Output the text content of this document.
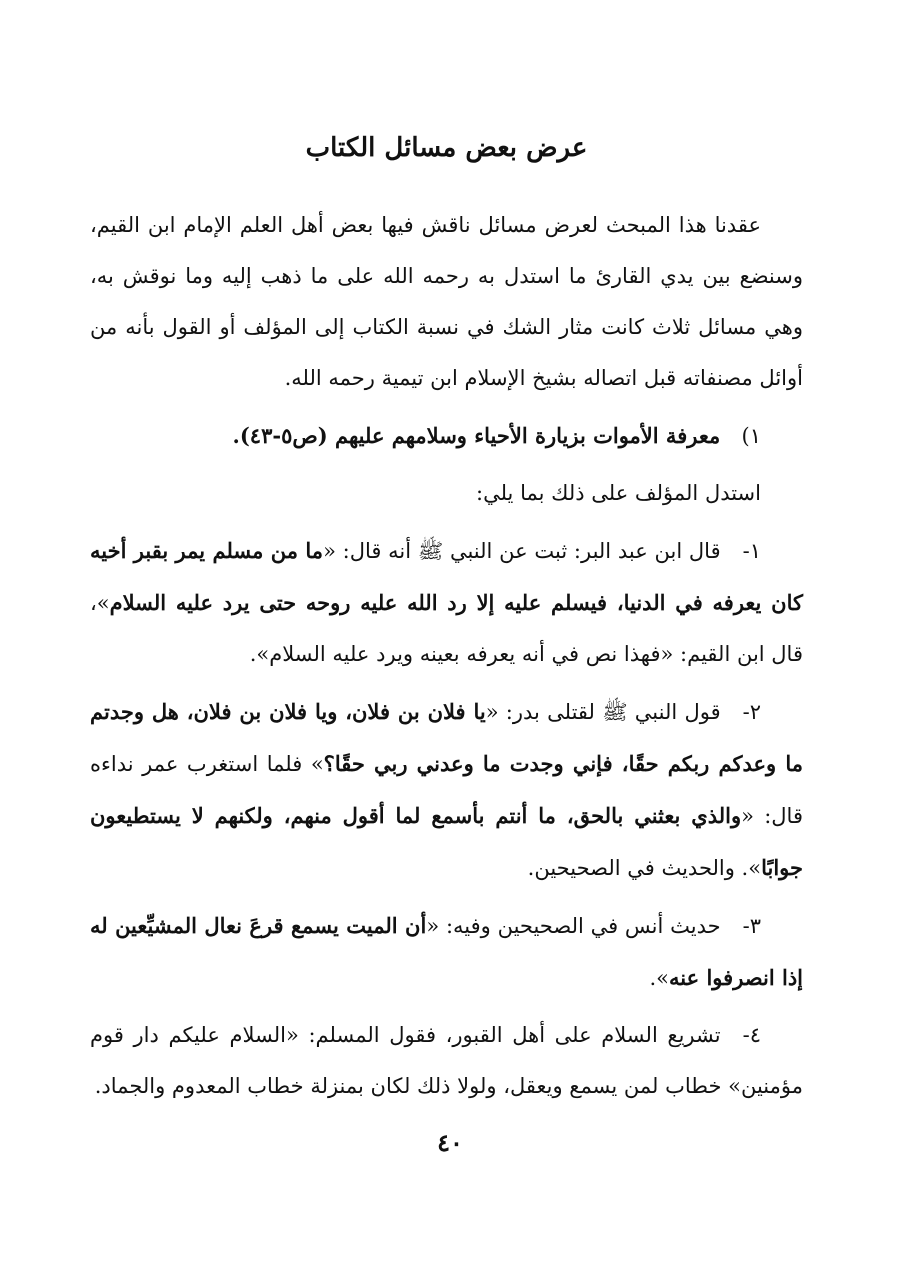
عرض بعض مسائل الكتاب

عقدنا هذا المبحث لعرض مسائل ناقش فيها بعض أهل العلم الإمام ابن القيم، وسنضع بين يدي القارئ ما استدل به رحمه الله على ما ذهب إليه وما نوقش به، وهي مسائل ثلاث كانت مثار الشك في نسبة الكتاب إلى المؤلف أو القول بأنه من أوائل مصنفاته قبل اتصاله بشيخ الإسلام ابن تيمية رحمه الله.

١) معرفة الأموات بزيارة الأحياء وسلامهم عليهم (ص٥-٤٣).

استدل المؤلف على ذلك بما يلي:

١-قال ابن عبد البر: ثبت عن النبي ﷺ أنه قال: «ما من مسلم يمر بقبر أخيه كان يعرفه في الدنيا، فيسلم عليه إلا رد الله عليه روحه حتى يرد عليه السلام»، قال ابن القيم: «فهذا نص في أنه يعرفه بعينه ويرد عليه السلام».

٢-قول النبي ﷺ لقتلى بدر: «يا فلان بن فلان، ويا فلان بن فلان، هل وجدتم ما وعدكم ربكم حقًا، فإني وجدت ما وعدني ربي حقًا؟» فلما استغرب عمر نداءه قال: «والذي بعثني بالحق، ما أنتم بأسمع لما أقول منهم، ولكنهم لا يستطيعون جوابًا». والحديث في الصحيحين.

٣-حديث أنس في الصحيحين وفيه: «أن الميت يسمع قرعَ نعال المشيِّعين له إذا انصرفوا عنه».

٤-تشريع السلام على أهل القبور، فقول المسلم: «السلام عليكم دار قوم مؤمنين» خطاب لمن يسمع ويعقل، ولولا ذلك لكان بمنزلة خطاب المعدوم والجماد.

٤٠
